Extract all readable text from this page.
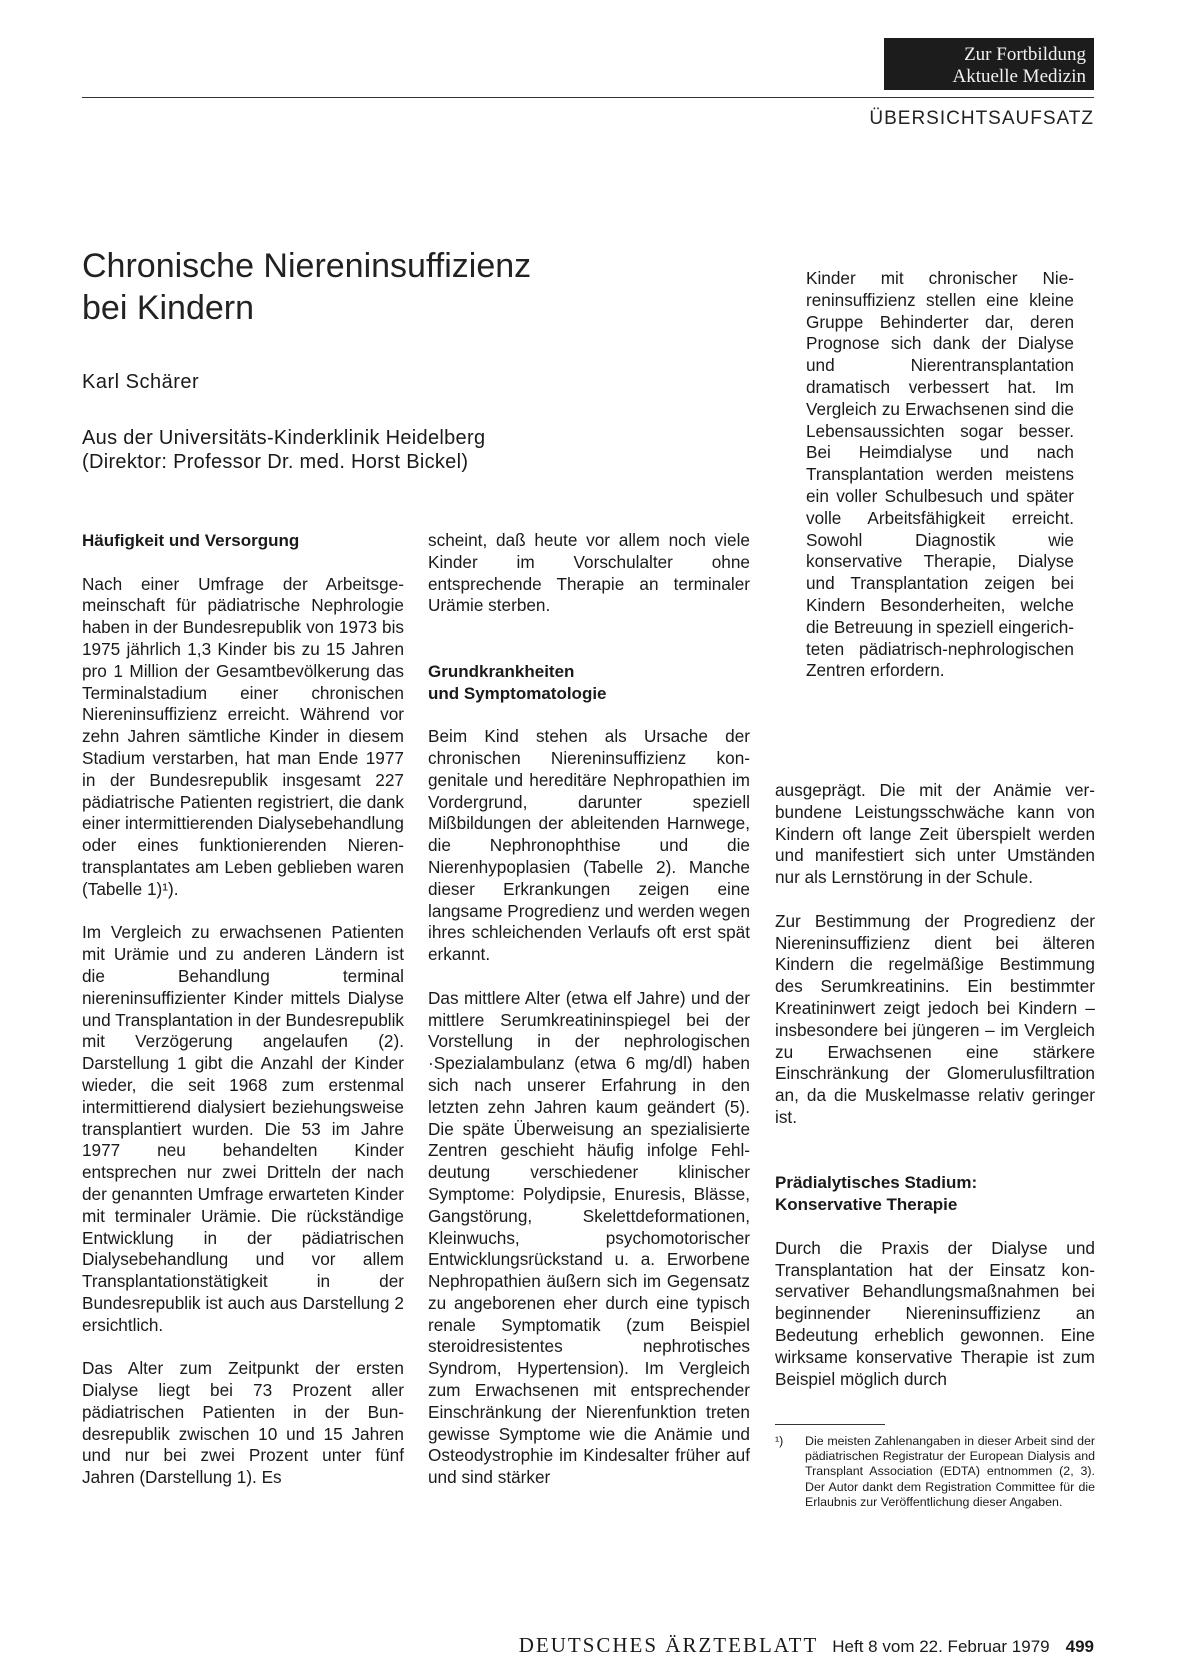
Zur Fortbildung
Aktuelle Medizin
ÜBERSICHTSAUFSATZ
Chronische Niereninsuffizienz
bei Kindern
Karl Schärer
Aus der Universitäts-Kinderklinik Heidelberg
(Direktor: Professor Dr. med. Horst Bickel)
Häufigkeit und Versorgung

Nach einer Umfrage der Arbeitsgemeinschaft für pädiatrische Nephrologie haben in der Bundesrepublik von 1973 bis 1975 jährlich 1,3 Kinder bis zu 15 Jahren pro 1 Million der Gesamtbevölkerung das Terminalstadium einer chronischen Niereninsuffizienz erreicht. Während vor zehn Jahren sämtliche Kinder in diesem Stadium verstarben, hat man Ende 1977 in der Bundesrepublik insgesamt 227 pädiatrische Patienten registriert, die dank einer intermittierenden Dialysebehandlung oder eines funktionierenden Nierentransplantates am Leben geblieben waren (Tabelle 1)¹).

Im Vergleich zu erwachsenen Patienten mit Urämie und zu anderen Ländern ist die Behandlung terminal niereninsuffizienter Kinder mittels Dialyse und Transplantation in der Bundesrepublik mit Verzögerung angelaufen (2). Darstellung 1 gibt die Anzahl der Kinder wieder, die seit 1968 zum erstenmal intermittierend dialysiert beziehungsweise transplantiert wurden. Die 53 im Jahre 1977 neu behandelten Kinder entsprechen nur zwei Dritteln der nach der genannten Umfrage erwarteten Kinder mit terminaler Urämie. Die rückständige Entwicklung in der pädiatrischen Dialysebehandlung und vor allem Transplantationstätigkeit in der Bundesrepublik ist auch aus Darstellung 2 ersichtlich.

Das Alter zum Zeitpunkt der ersten Dialyse liegt bei 73 Prozent aller pädiatrischen Patienten in der Bundesrepublik zwischen 10 und 15 Jahren und nur bei zwei Prozent unter fünf Jahren (Darstellung 1). Es

scheint, daß heute vor allem noch viele Kinder im Vorschulalter ohne entsprechende Therapie an terminaler Urämie sterben.

Grundkrankheiten
und Symptomatologie

Beim Kind stehen als Ursache der chronischen Niereninsuffizienz kongenitale und hereditäre Nephropathien im Vordergrund, darunter speziell Mißbildungen der ableitenden Harnwege, die Nephronophthise und die Nierenhypoplasien (Tabelle 2). Manche dieser Erkrankungen zeigen eine langsame Progredienz und werden wegen ihres schleichenden Verlaufs oft erst spät erkannt.

Das mittlere Alter (etwa elf Jahre) und der mittlere Serumkreatininspiegel bei der Vorstellung in der nephrologischen ·Spezialambulanz (etwa 6 mg/dl) haben sich nach unserer Erfahrung in den letzten zehn Jahren kaum geändert (5). Die späte Überweisung an spezialisierte Zentren geschieht häufig infolge Fehldeutung verschiedener klinischer Symptome: Polydipsie, Enuresis, Blässe, Gangstörung, Skelettdeformationen, Kleinwuchs, psychomotorischer Entwicklungsrückstand u. a. Erworbene Nephropathien äußern sich im Gegensatz zu angeborenen eher durch eine typisch renale Symptomatik (zum Beispiel steroidresistentes nephrotisches Syndrom, Hypertension). Im Vergleich zum Erwachsenen mit entsprechender Einschränkung der Nierenfunktion treten gewisse Symptome wie die Anämie und Osteodystrophie im Kindesalter früher auf und sind stärker

Kinder mit chronischer Niereninsuffizienz stellen eine kleine Gruppe Behinderter dar, deren Prognose sich dank der Dialyse und Nierentransplantation dramatisch verbessert hat. Im Vergleich zu Erwachsenen sind die Lebensaussichten sogar besser. Bei Heimdialyse und nach Transplantation werden meistens ein voller Schulbesuch und später volle Arbeitsfähigkeit erreicht. Sowohl Diagnostik wie konservative Therapie, Dialyse und Transplantation zeigen bei Kindern Besonderheiten, welche die Betreuung in speziell eingerichteten pädiatrisch-nephrologischen Zentren erfordern.

ausgeprägt. Die mit der Anämie verbundene Leistungsschwäche kann von Kindern oft lange Zeit überspielt werden und manifestiert sich unter Umständen nur als Lernstörung in der Schule.

Zur Bestimmung der Progredienz der Niereninsuffizienz dient bei älteren Kindern die regelmäßige Bestimmung des Serumkreatinins. Ein bestimmter Kreatininwert zeigt jedoch bei Kindern – insbesondere bei jüngeren – im Vergleich zu Erwachsenen eine stärkere Einschränkung der Glomerulusfiltration an, da die Muskelmasse relativ geringer ist.

Prädialytisches Stadium:
Konservative Therapie

Durch die Praxis der Dialyse und Transplantation hat der Einsatz konservativer Behandlungsmaßnahmen bei beginnender Niereninsuffizienz an Bedeutung erheblich gewonnen. Eine wirksame konservative Therapie ist zum Beispiel möglich durch

¹) Die meisten Zahlenangaben in dieser Arbeit sind der pädiatrischen Registratur der European Dialysis and Transplant Association (EDTA) entnommen (2, 3). Der Autor dankt dem Registration Committee für die Erlaubnis zur Veröffentlichung dieser Angaben.
DEUTSCHES ÄRZTEBLATT Heft 8 vom 22. Februar 1979 499
